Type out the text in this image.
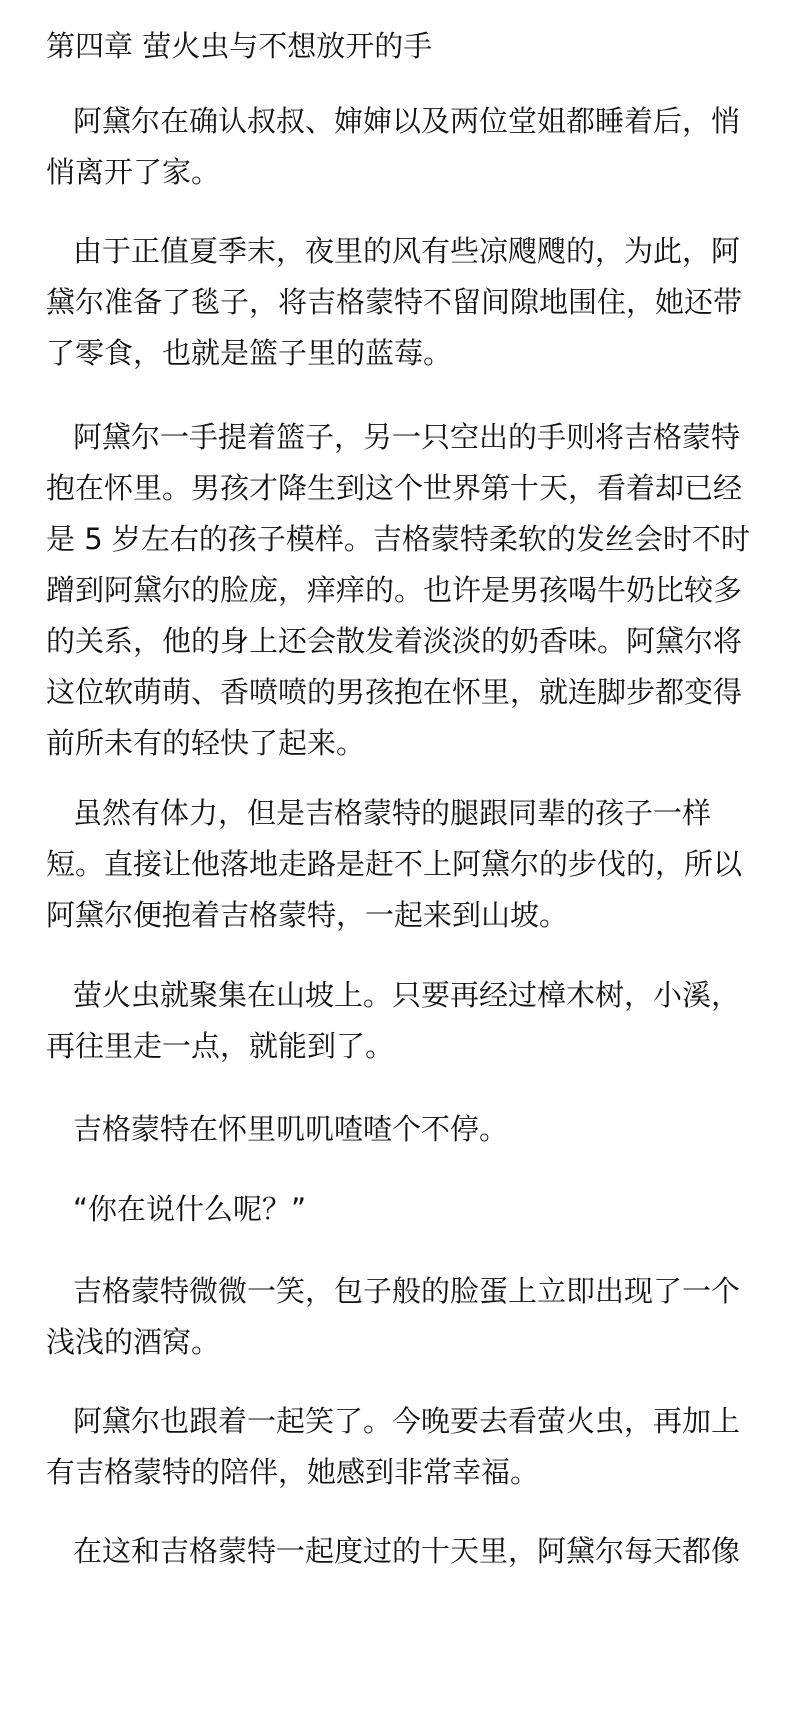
第四章 萤火虫与不想放开的手
阿黛尔在确认叔叔、婶婶以及两位堂姐都睡着后，悄
悄离开了家。
由于正值夏季末，夜里的风有些凉飕飕的，为此，阿
黛尔准备了毯子，将吉格蒙特不留间隙地围住，她还带
了零食，也就是篮子里的蓝莓。
阿黛尔一手提着篮子，另一只空出的手则将吉格蒙特
抱在怀里。男孩才降生到这个世界第十天，看着却已经
是 5 岁左右的孩子模样。吉格蒙特柔软的发丝会时不时
蹭到阿黛尔的脸庞，痒痒的。也许是男孩喝牛奶比较多
的关系，他的身上还会散发着淡淡的奶香味。阿黛尔将
这位软萌萌、香喷喷的男孩抱在怀里，就连脚步都变得
前所未有的轻快了起来。
虽然有体力，但是吉格蒙特的腿跟同辈的孩子一样
短。直接让他落地走路是赶不上阿黛尔的步伐的，所以
阿黛尔便抱着吉格蒙特，一起来到山坡。
萤火虫就聚集在山坡上。只要再经过樟木树，小溪，
再往里走一点，就能到了。
吉格蒙特在怀里叽叽喳喳个不停。
“你在说什么呢？”
吉格蒙特微微一笑，包子般的脸蛋上立即出现了一个
浅浅的酒窝。
阿黛尔也跟着一起笑了。今晚要去看萤火虫，再加上
有吉格蒙特的陪伴，她感到非常幸福。
在这和吉格蒙特一起度过的十天里，阿黛尔每天都像
